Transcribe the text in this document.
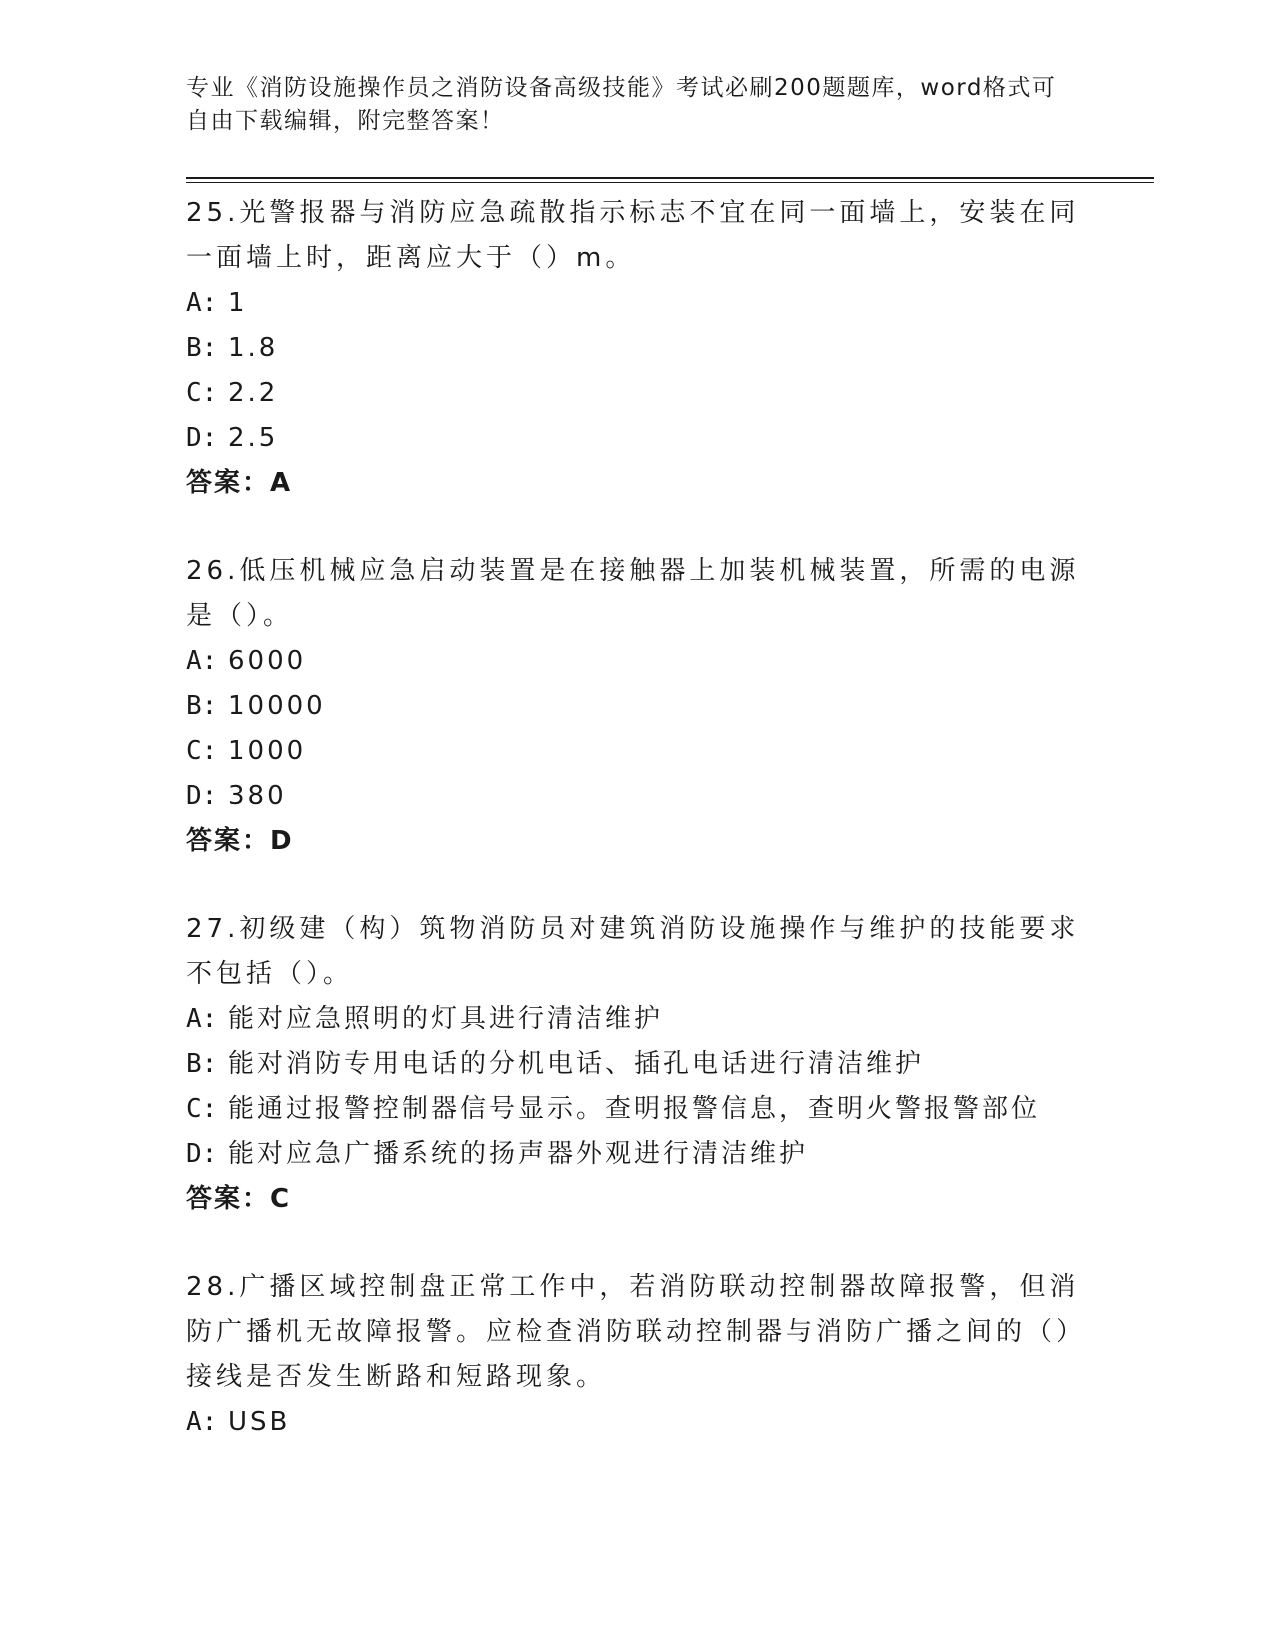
专业《消防设施操作员之消防设备高级技能》考试必刷200题题库，word格式可
自由下载编辑，附完整答案！

25.光警报器与消防应急疏散指示标志不宜在同一面墙上，安装在同一面墙上时，距离应大于（）m。

A: 1
B: 1.8
C: 2.2
D: 2.5

答案：A

26.低压机械应急启动装置是在接触器上加装机械装置，所需的电源是（）。

A: 6000
B: 10000
C: 1000
D: 380

答案：D

27.初级建（构）筑物消防员对建筑消防设施操作与维护的技能要求不包括（）。

A: 能对应急照明的灯具进行清洁维护
B: 能对消防专用电话的分机电话、插孔电话进行清洁维护
C: 能通过报警控制器信号显示。查明报警信息，查明火警报警部位
D: 能对应急广播系统的扬声器外观进行清洁维护

答案：C

28.广播区域控制盘正常工作中，若消防联动控制器故障报警，但消防广播机无故障报警。应检查消防联动控制器与消防广播之间的（）接线是否发生断路和短路现象。

A: USB
